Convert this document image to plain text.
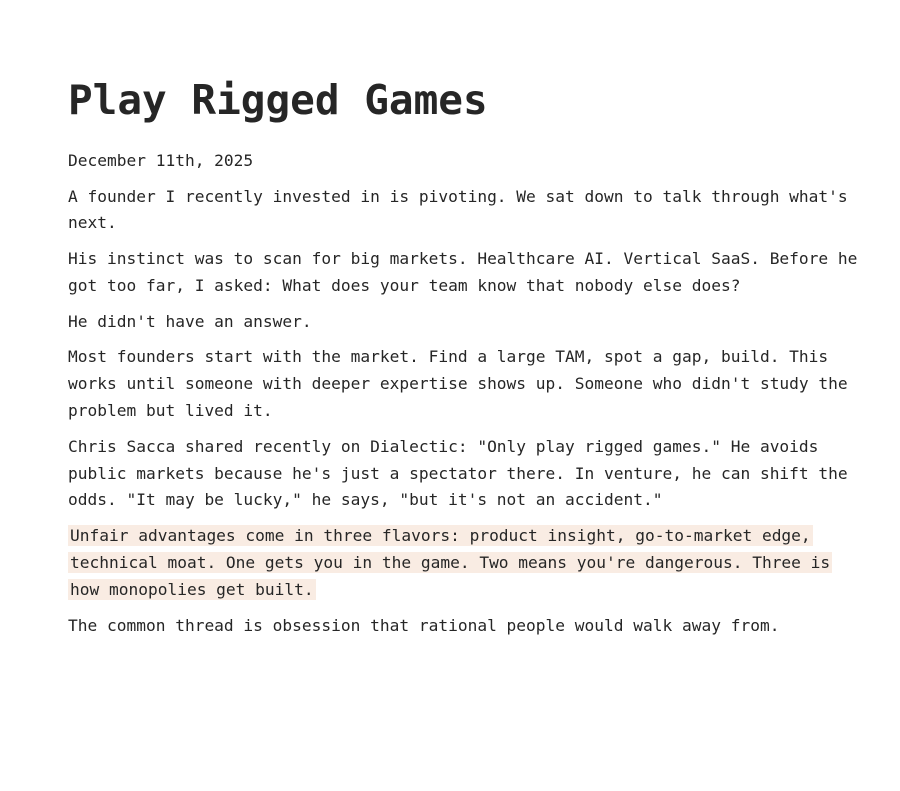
Play Rigged Games
December 11th, 2025

A founder I recently invested in is pivoting. We sat down to talk through what's next.

His instinct was to scan for big markets. Healthcare AI. Vertical SaaS. Before he got too far, I asked: What does your team know that nobody else does?

He didn't have an answer.

Most founders start with the market. Find a large TAM, spot a gap, build. This works until someone with deeper expertise shows up. Someone who didn't study the problem but lived it.

Chris Sacca shared recently on Dialectic: "Only play rigged games." He avoids public markets because he's just a spectator there. In venture, he can shift the odds. "It may be lucky," he says, "but it's not an accident."

Unfair advantages come in three flavors: product insight, go-to-market edge, technical moat. One gets you in the game. Two means you're dangerous. Three is how monopolies get built.

The common thread is obsession that rational people would walk away from.
